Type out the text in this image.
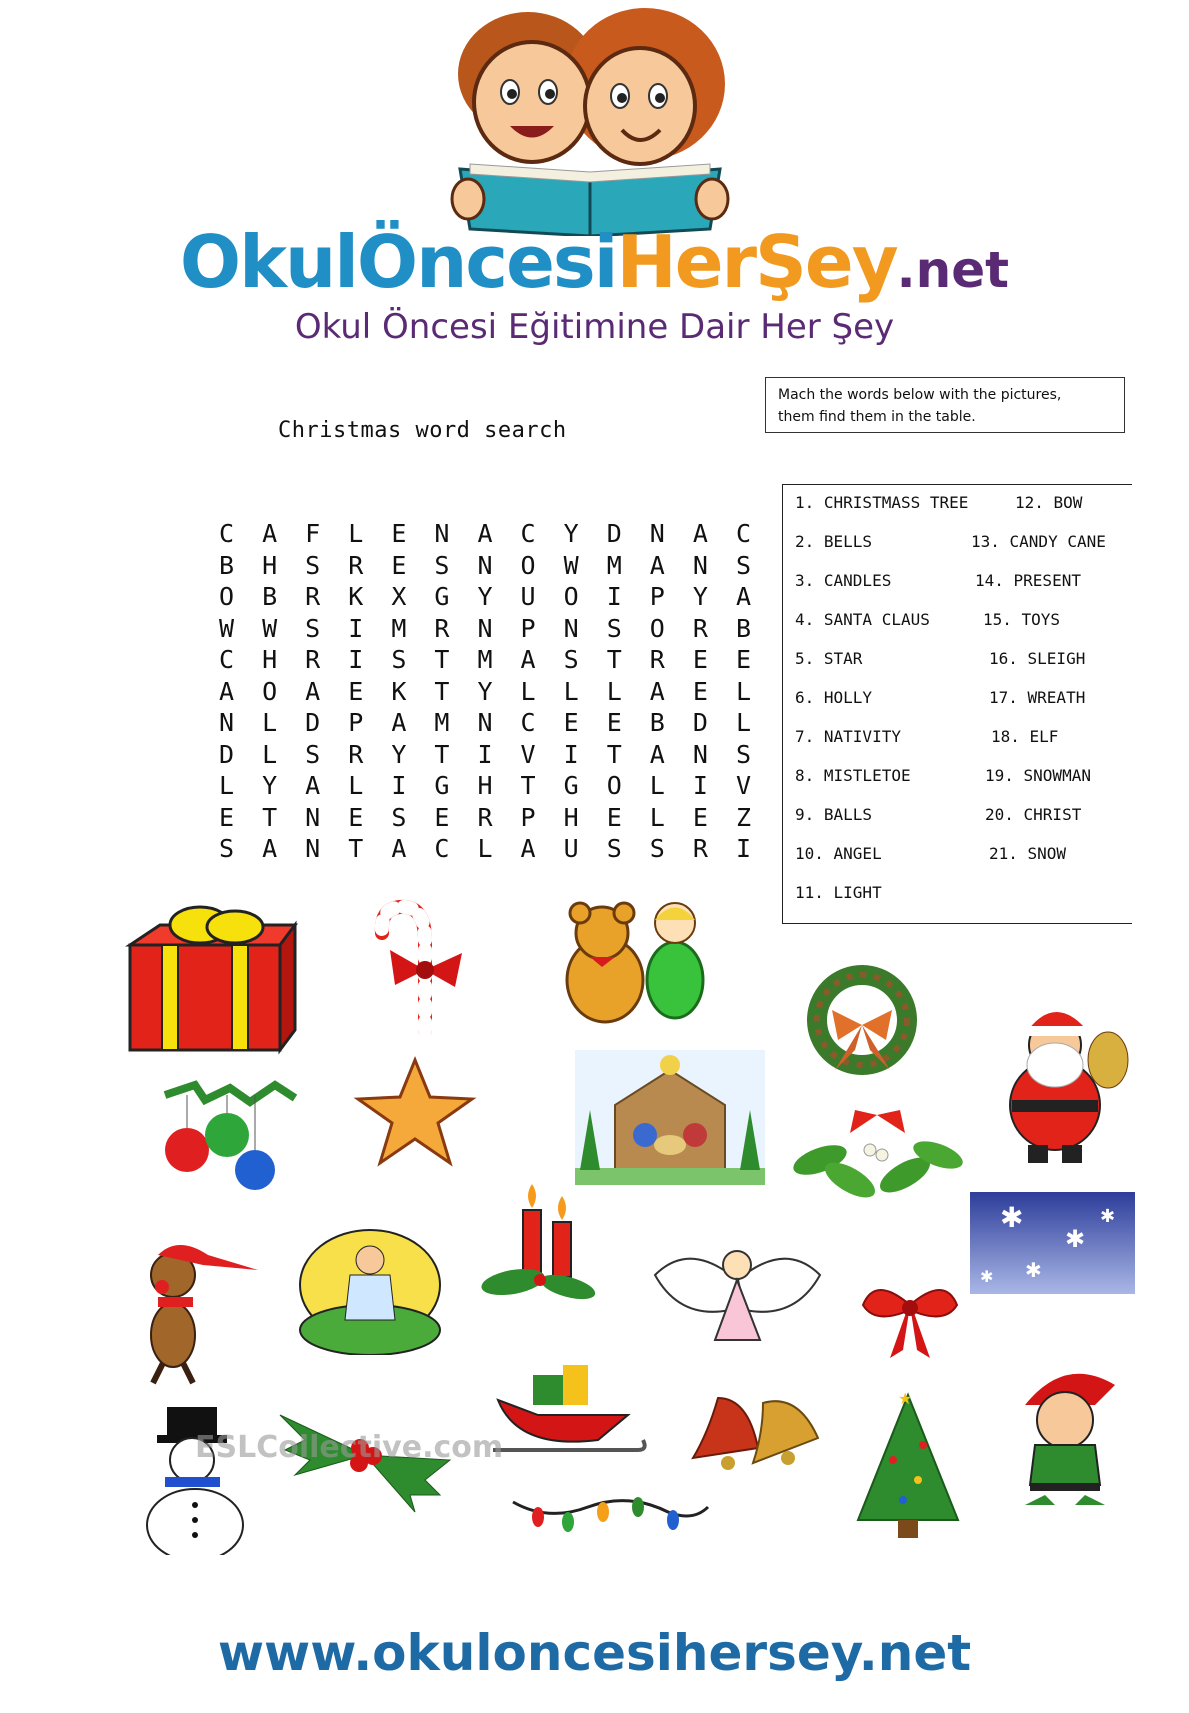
OkulÖncesiHerŞey.net
Okul Öncesi Eğitimine Dair Her Şey
Mach the words below with the pictures,
them find them in the table.
Christmas word search
C	A	F	L	E	N	A	C	Y	D	N	A	C
B	H	S	R	E	S	N	O	W	M	A	N	S
O	B	R	K	X	G	Y	U	O	I	P	Y	A
W	W	S	I	M	R	N	P	N	S	O	R	B
C	H	R	I	S	T	M	A	S	T	R	E	E
A	O	A	E	K	T	Y	L	L	L	A	E	L
N	L	D	P	A	M	N	C	E	E	B	D	L
D	L	S	R	Y	T	I	V	I	T	A	N	S
L	Y	A	L	I	G	H	T	G	O	L	I	V
E	T	N	E	S	E	R	P	H	E	L	E	Z
S	A	N	T	A	C	L	A	U	S	S	R	I
1. CHRISTMASS TREE
2. BELLS
3. CANDLES
4. SANTA CLAUS
5. STAR
6. HOLLY
7. NATIVITY
8. MISTLETOE
9. BALLS
10. ANGEL
11. LIGHT
12. BOW
13. CANDY CANE
14. PRESENT
15. TOYS
16. SLEIGH
17. WREATH
18. ELF
19. SNOWMAN
20. CHRIST
21. SNOW
✱
✱
✱
✱
✱
ESLCollective.com
★
www.okuloncesihersey.net
